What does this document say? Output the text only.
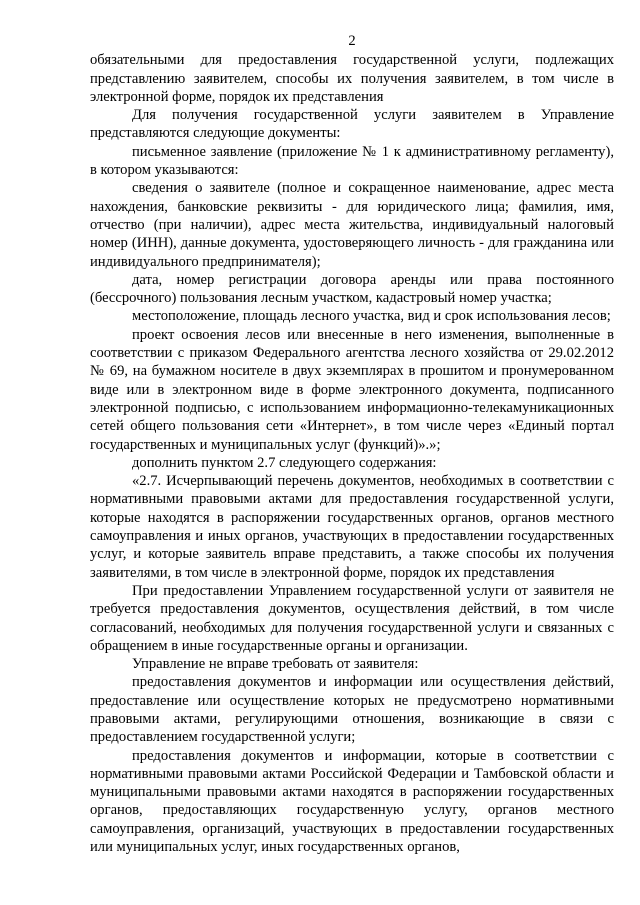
2

обязательными для предоставления государственной услуги, подлежащих представлению заявителем, способы их получения заявителем, в том числе в электронной форме, порядок их представления

Для получения государственной услуги заявителем в Управление представляются следующие документы:

письменное заявление (приложение № 1 к административному регламенту), в котором указываются:

сведения о заявителе (полное и сокращенное наименование, адрес места нахождения, банковские реквизиты - для юридического лица; фамилия, имя, отчество (при наличии), адрес места жительства, индивидуальный налоговый номер (ИНН), данные документа, удостоверяющего личность - для гражданина или индивидуального предпринимателя);

дата, номер регистрации договора аренды или права постоянного (бессрочного) пользования лесным участком, кадастровый номер участка;

местоположение, площадь лесного участка, вид и срок использования лесов;

проект освоения лесов или внесенные в него изменения, выполненные в соответствии с приказом Федерального агентства лесного хозяйства от 29.02.2012 № 69, на бумажном носителе в двух экземплярах в прошитом и пронумерованном виде или в электронном виде в форме электронного документа, подписанного электронной подписью, с использованием информационно-телекамуникационных сетей общего пользования сети «Интернет», в том числе через «Единый портал государственных и муниципальных услуг (функций)».»;

дополнить пунктом 2.7 следующего содержания:

«2.7. Исчерпывающий перечень документов, необходимых в соответствии с нормативными правовыми актами для предоставления государственной услуги, которые находятся в распоряжении государственных органов, органов местного самоуправления и иных органов, участвующих в предоставлении государственных услуг, и которые заявитель вправе представить, а также способы их получения заявителями, в том числе в электронной форме, порядок их представления

При предоставлении Управлением государственной услуги от заявителя не требуется предоставления документов, осуществления действий, в том числе согласований, необходимых для получения государственной услуги и связанных с обращением в иные государственные органы и организации.

Управление не вправе требовать от заявителя:

предоставления документов и информации или осуществления действий, предоставление или осуществление которых не предусмотрено нормативными правовыми актами, регулирующими отношения, возникающие в связи с предоставлением государственной услуги;

предоставления документов и информации, которые в соответствии с нормативными правовыми актами Российской Федерации и Тамбовской области и муниципальными правовыми актами находятся в распоряжении государственных органов, предоставляющих государственную услугу, органов местного самоуправления, организаций, участвующих в предоставлении государственных или муниципальных услуг, иных государственных органов,
